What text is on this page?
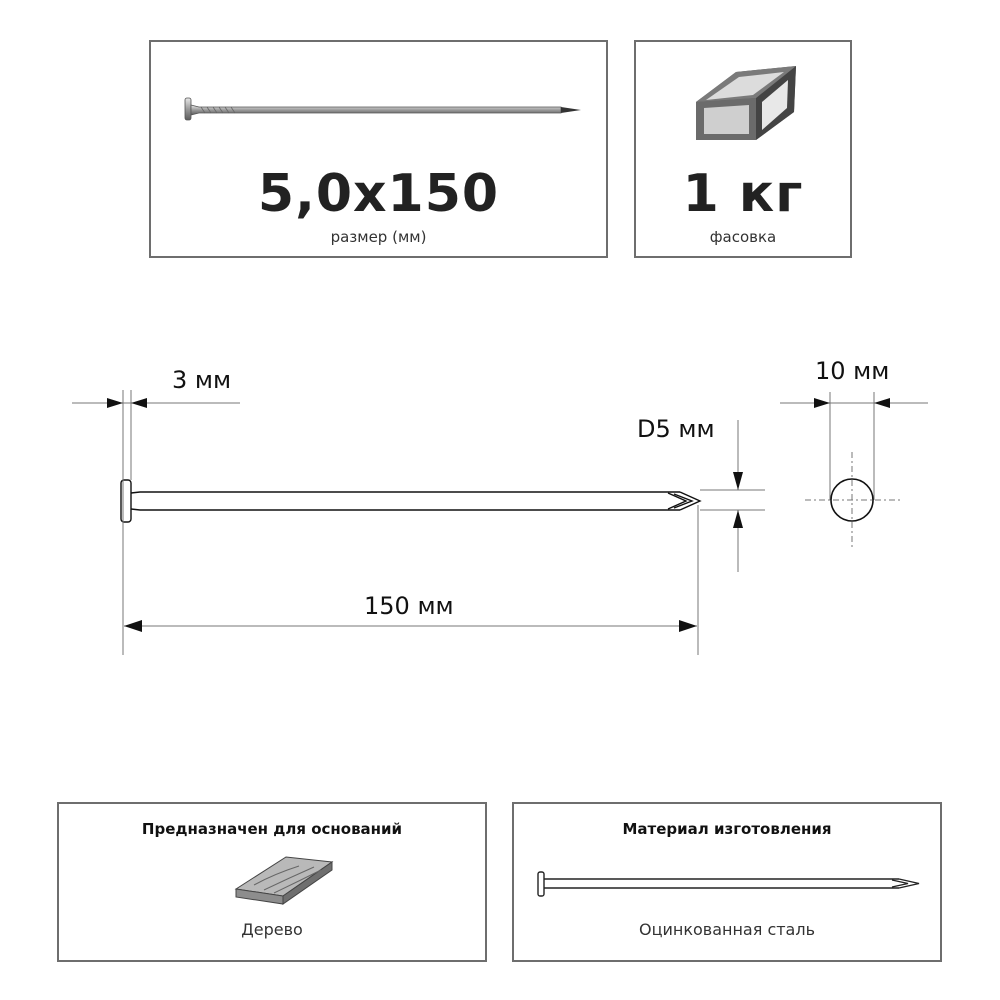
5,0x150
размер (мм)
1 кг
фасовка
3 мм
D5 мм
10 мм
150 мм
Предназначен для оснований
Дерево
Материал изготовления
Оцинкованная сталь
